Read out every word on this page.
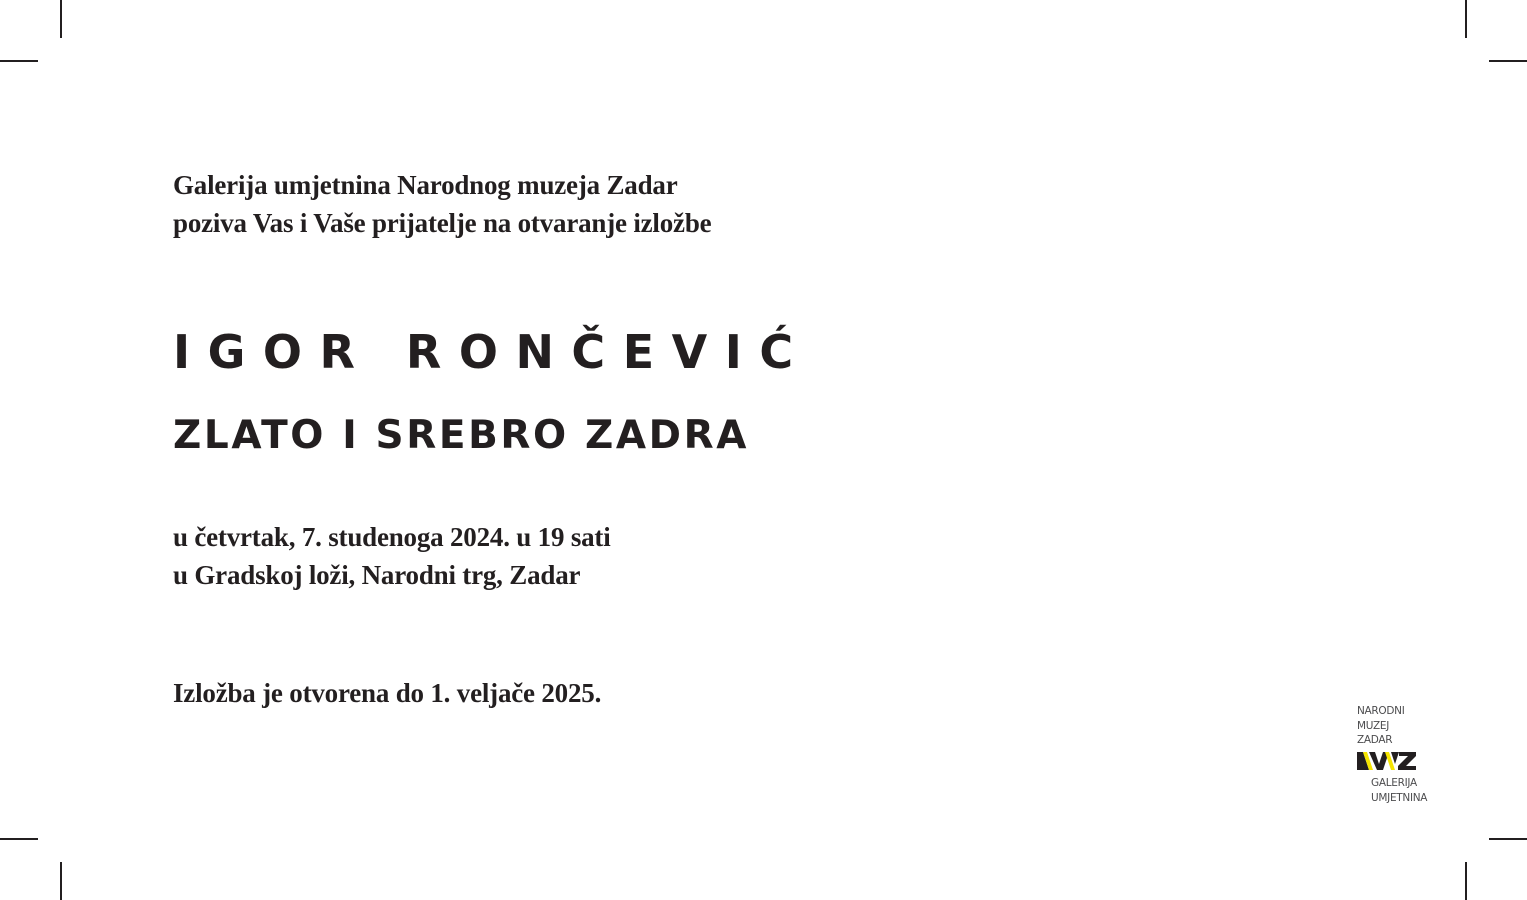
Galerija umjetnina Narodnog muzeja Zadar
poziva Vas i Vaše prijatelje na otvaranje izložbe
IGOR RONČEVIĆ
ZLATO I SREBRO ZADRA
u četvrtak, 7. studenoga 2024. u 19 sati
u Gradskoj loži, Narodni trg, Zadar
Izložba je otvorena do 1. veljače 2025.
NARODNI
MUZEJ
ZADAR
GALERIJA
UMJETNINA
